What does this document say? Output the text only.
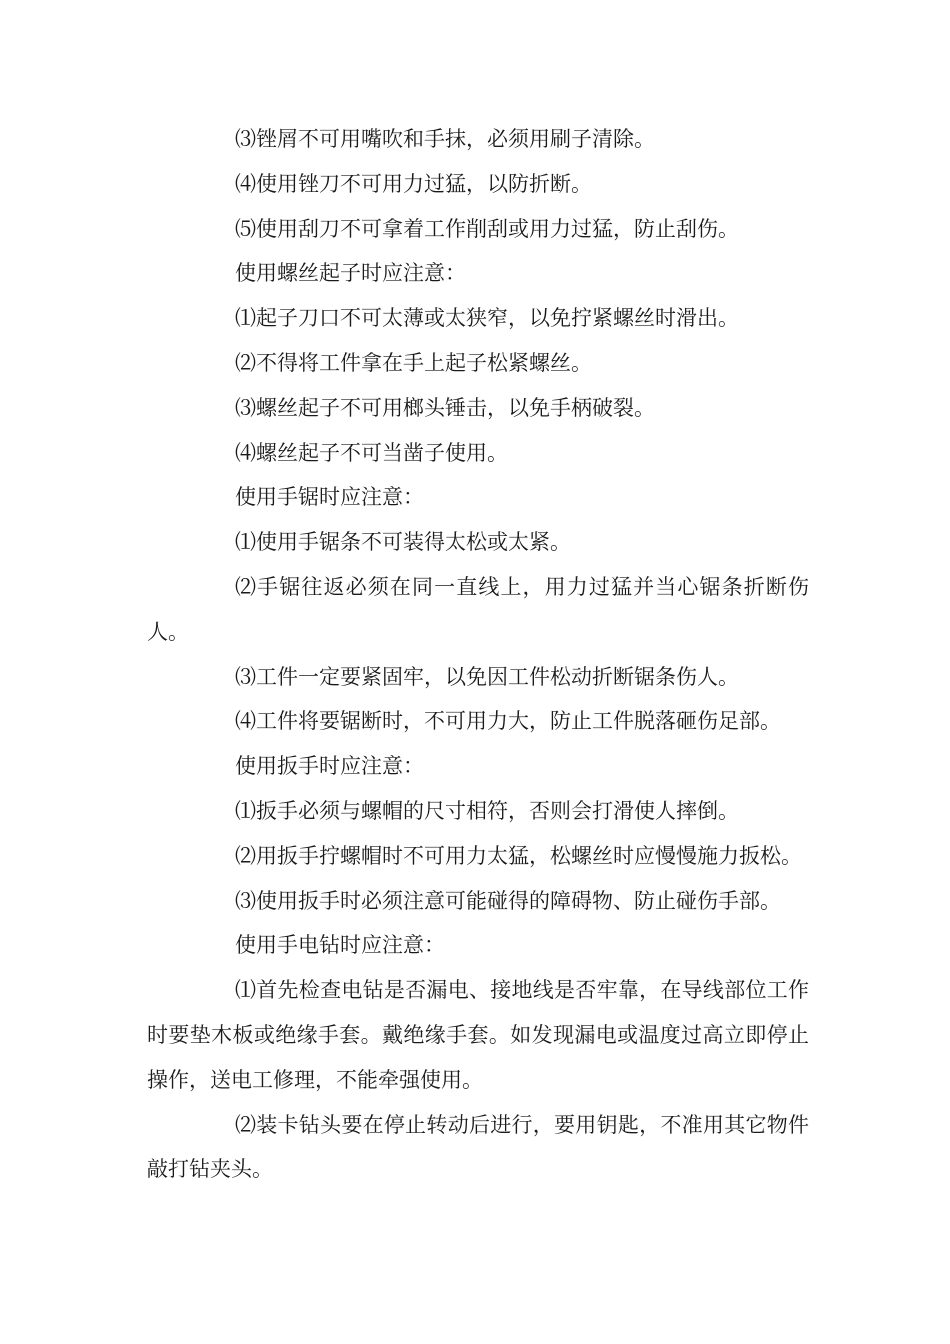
⑶锉屑不可用嘴吹和手抹，必须用刷子清除。

⑷使用锉刀不可用力过猛，以防折断。

⑸使用刮刀不可拿着工作削刮或用力过猛，防止刮伤。

使用螺丝起子时应注意：

⑴起子刀口不可太薄或太狭窄，以免拧紧螺丝时滑出。

⑵不得将工件拿在手上起子松紧螺丝。

⑶螺丝起子不可用榔头锤击，以免手柄破裂。

⑷螺丝起子不可当凿子使用。

使用手锯时应注意：

⑴使用手锯条不可装得太松或太紧。

⑵手锯往返必须在同一直线上，用力过猛并当心锯条折断伤人。

⑶工件一定要紧固牢，以免因工件松动折断锯条伤人。

⑷工件将要锯断时，不可用力大，防止工件脱落砸伤足部。

使用扳手时应注意：

⑴扳手必须与螺帽的尺寸相符，否则会打滑使人摔倒。

⑵用扳手拧螺帽时不可用力太猛，松螺丝时应慢慢施力扳松。

⑶使用扳手时必须注意可能碰得的障碍物、防止碰伤手部。

使用手电钻时应注意：

⑴首先检查电钻是否漏电、接地线是否牢靠，在导线部位工作时要垫木板或绝缘手套。戴绝缘手套。如发现漏电或温度过高立即停止操作，送电工修理，不能牵强使用。

⑵装卡钻头要在停止转动后进行，要用钥匙，不准用其它物件敲打钻夹头。
